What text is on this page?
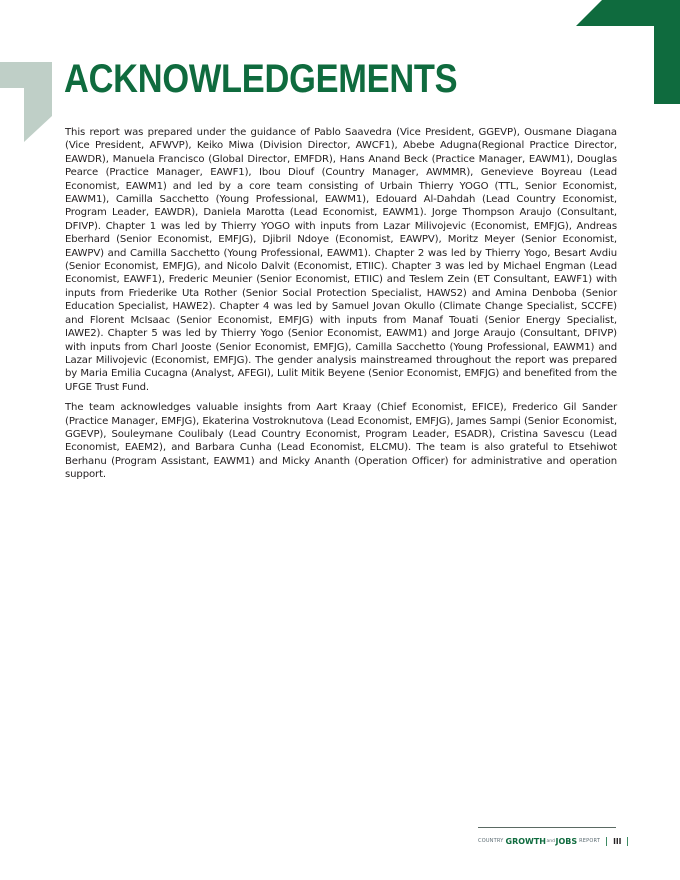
ACKNOWLEDGEMENTS

This report was prepared under the guidance of Pablo Saavedra (Vice President, GGEVP), Ousmane Diagana (Vice President, AFWVP), Keiko Miwa (Division Director, AWCF1), Abebe Adugna(Regional Practice Director, EAWDR), Manuela Francisco (Global Director, EMFDR), Hans Anand Beck (Practice Manager, EAWM1), Douglas Pearce (Practice Manager, EAWF1), Ibou Diouf (Country Manager, AWMMR), Genevieve Boyreau (Lead Economist, EAWM1) and led by a core team consisting of Urbain Thierry YOGO (TTL, Senior Economist, EAWM1), Camilla Sacchetto (Young Professional, EAWM1), Edouard Al-Dahdah (Lead Country Economist, Program Leader, EAWDR), Daniela Marotta (Lead Economist, EAWM1). Jorge Thompson Araujo (Consultant, DFIVP). Chapter 1 was led by Thierry YOGO with inputs from Lazar Milivojevic (Economist, EMFJG), Andreas Eberhard (Senior Economist, EMFJG), Djibril Ndoye (Economist, EAWPV), Moritz Meyer (Senior Economist, EAWPV) and Camilla Sacchetto (Young Professional, EAWM1). Chapter 2 was led by Thierry Yogo, Besart Avdiu (Senior Economist, EMFJG), and Nicolo Dalvit (Economist, ETIIC). Chapter 3 was led by Michael Engman (Lead Economist, EAWF1), Frederic Meunier (Senior Economist, ETIIC) and Teslem Zein (ET Consultant, EAWF1) with inputs from Friederike Uta Rother (Senior Social Protection Specialist, HAWS2) and Amina Denboba (Senior Education Specialist, HAWE2). Chapter 4 was led by Samuel Jovan Okullo (Climate Change Specialist, SCCFE) and Florent McIsaac (Senior Economist, EMFJG) with inputs from Manaf Touati (Senior Energy Specialist, IAWE2). Chapter 5 was led by Thierry Yogo (Senior Economist, EAWM1) and Jorge Araujo (Consultant, DFIVP) with inputs from Charl Jooste (Senior Economist, EMFJG), Camilla Sacchetto (Young Professional, EAWM1) and Lazar Milivojevic (Economist, EMFJG). The gender analysis mainstreamed throughout the report was prepared by Maria Emilia Cucagna (Analyst, AFEGI), Lulit Mitik Beyene (Senior Economist, EMFJG) and benefited from the UFGE Trust Fund.

The team acknowledges valuable insights from Aart Kraay (Chief Economist, EFICE), Frederico Gil Sander (Practice Manager, EMFJG), Ekaterina Vostroknutova (Lead Economist, EMFJG), James Sampi (Senior Economist, GGEVP), Souleymane Coulibaly (Lead Country Economist, Program Leader, ESADR), Cristina Savescu (Lead Economist, EAEM2), and Barbara Cunha (Lead Economist, ELCMU). The team is also grateful to Etsehiwot Berhanu (Program Assistant, EAWM1) and Micky Ananth (Operation Officer) for administrative and operation support.

COUNTRY GROWTH and JOBS REPORT III
